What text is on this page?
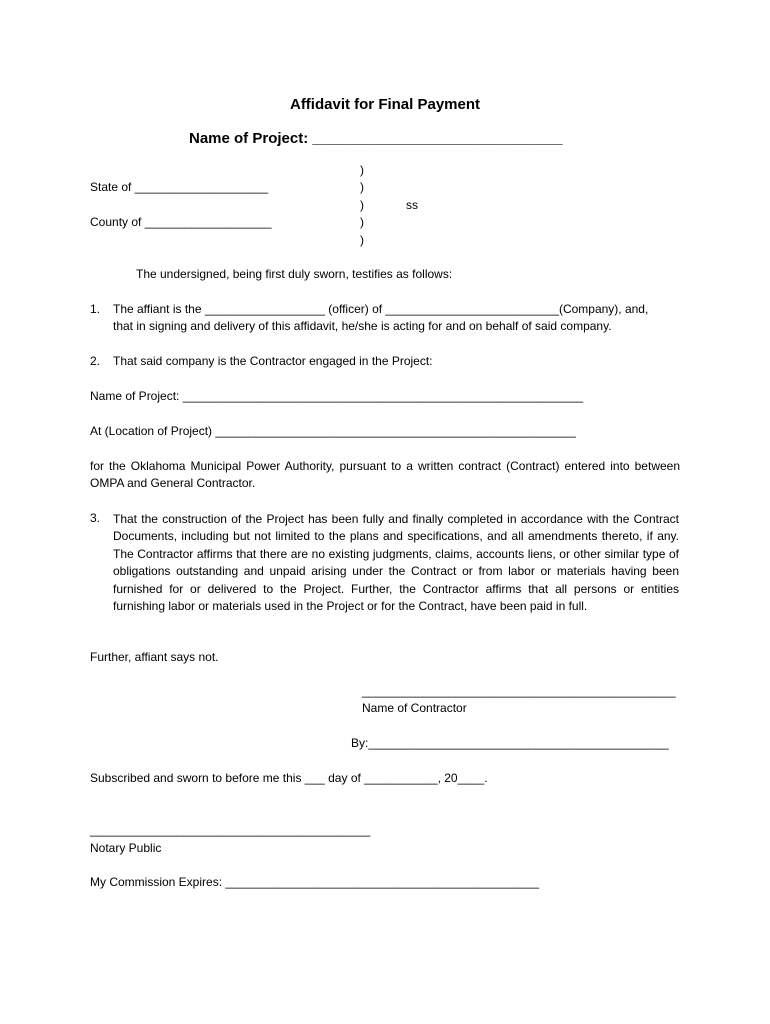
Affidavit for Final Payment
Name of Project: ______________________________
State of ____________________
County of ___________________
)
)
)
)
)
ss
The undersigned, being first duly sworn, testifies as follows:
1. The affiant is the __________________ (officer) of __________________________(Company), and,
that in signing and delivery of this affidavit, he/she is acting for and on behalf of said company.
2. That said company is the Contractor engaged in the Project:
Name of Project: ____________________________________________________________
At (Location of Project) ______________________________________________________
for the Oklahoma Municipal Power Authority, pursuant to a written contract (Contract) entered into between OMPA and General Contractor.
3. That the construction of the Project has been fully and finally completed in accordance with the Contract Documents, including but not limited to the plans and specifications, and all amendments thereto, if any. The Contractor affirms that there are no existing judgments, claims, accounts liens, or other similar type of obligations outstanding and unpaid arising under the Contract or from labor or materials having been furnished for or delivered to the Project. Further, the Contractor affirms that all persons or entities furnishing labor or materials used in the Project or for the Contract, have been paid in full.
Further, affiant says not.
_______________________________________________
Name of Contractor
By:_____________________________________________
Subscribed and sworn to before me this ___ day of ___________, 20____.
__________________________________________
Notary Public
My Commission Expires: _______________________________________________
